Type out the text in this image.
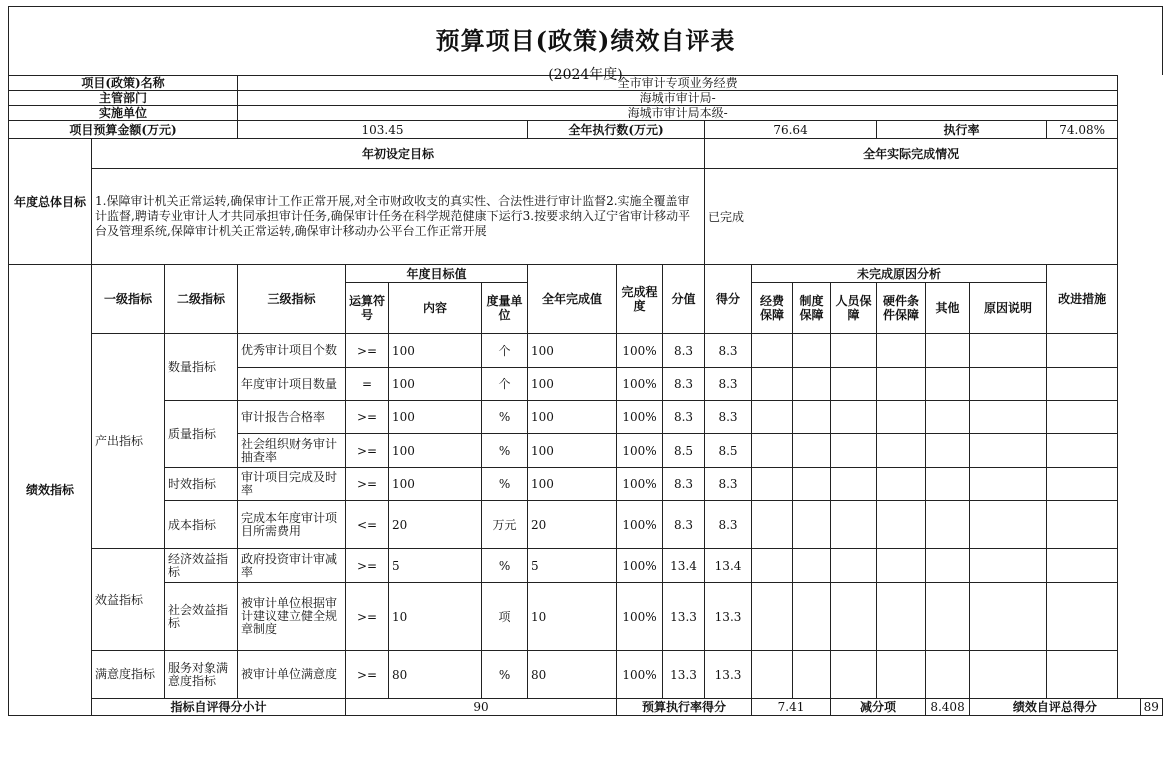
预算项目(政策)绩效自评表
(2024年度)
项目(政策)名称			全市审计专项业务经费															
主管部门			海城市审计局-															
实施单位			海城市审计局本级-															
项目预算金额(万元)			103.45				全年执行数(万元)			76.64				执行率			74.08%	
年度总体目标	年初设定目标									全年实际完成情况								
	1.保障审计机关正常运转,确保审计工作正常开展,对全市财政收支的真实性、合法性进行审计监督2.实施全覆盖审计监督,聘请专业审计人才共同承担审计任务,确保审计任务在科学规范健康下运行3.按要求纳入辽宁省审计移动平台及管理系统,保障审计机关正常运转,确保审计移动办公平台工作正常开展									已完成								
绩效指标	一级指标	二级指标	三级指标	年度目标值			全年完成值	完成程度	分值	得分	未完成原因分析						改进措施	
				运算符号	内容	度量单位					经费保障	制度保障	人员保障	硬件条件保障	其他	原因说明		
	产出指标	数量指标	优秀审计项目个数	>=	100	个	100	100%	8.3	8.3								
			年度审计项目数量	=	100	个	100	100%	8.3	8.3								
		质量指标	审计报告合格率	>=	100	%	100	100%	8.3	8.3								
			社会组织财务审计抽查率	>=	100	%	100	100%	8.5	8.5								
		时效指标	审计项目完成及时率	>=	100	%	100	100%	8.3	8.3								
		成本指标	完成本年度审计项目所需费用	<=	20	万元	20	100%	8.3	8.3								
	效益指标	经济效益指标	政府投资审计审减率	>=	5	%	5	100%	13.4	13.4								
		社会效益指标	被审计单位根据审计建议建立健全规章制度	>=	10	项	10	100%	13.3	13.3								
	满意度指标	服务对象满意度指标	被审计单位满意度	>=	80	%	80	100%	13.3	13.3								
	指标自评得分小计			90				预算执行率得分			7.41		减分项		8.408	绩效自评总得分		89
